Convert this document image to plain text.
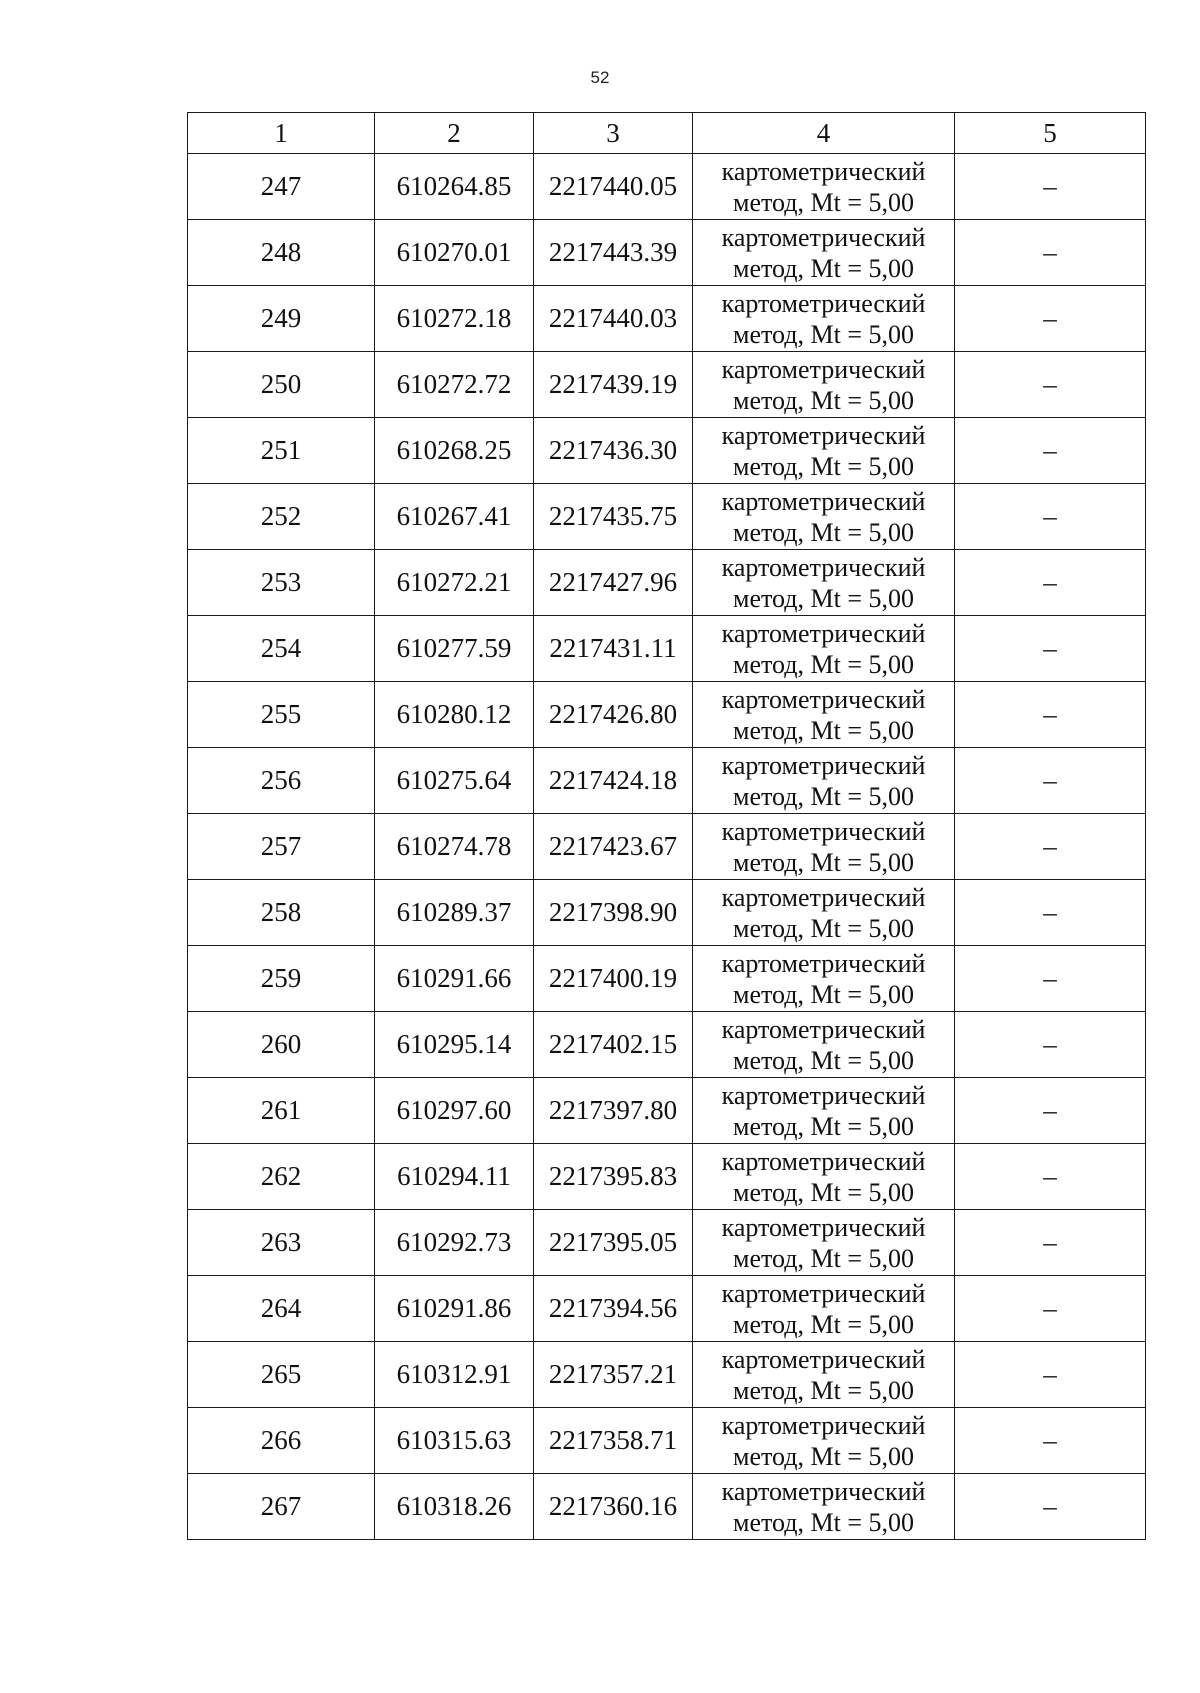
52
1	2	3	4	5
247	610264.85	2217440.05	картометрический
метод, Mt = 5,00	–
248	610270.01	2217443.39	картометрический
метод, Mt = 5,00	–
249	610272.18	2217440.03	картометрический
метод, Mt = 5,00	–
250	610272.72	2217439.19	картометрический
метод, Mt = 5,00	–
251	610268.25	2217436.30	картометрический
метод, Mt = 5,00	–
252	610267.41	2217435.75	картометрический
метод, Mt = 5,00	–
253	610272.21	2217427.96	картометрический
метод, Mt = 5,00	–
254	610277.59	2217431.11	картометрический
метод, Mt = 5,00	–
255	610280.12	2217426.80	картометрический
метод, Mt = 5,00	–
256	610275.64	2217424.18	картометрический
метод, Mt = 5,00	–
257	610274.78	2217423.67	картометрический
метод, Mt = 5,00	–
258	610289.37	2217398.90	картометрический
метод, Mt = 5,00	–
259	610291.66	2217400.19	картометрический
метод, Mt = 5,00	–
260	610295.14	2217402.15	картометрический
метод, Mt = 5,00	–
261	610297.60	2217397.80	картометрический
метод, Mt = 5,00	–
262	610294.11	2217395.83	картометрический
метод, Mt = 5,00	–
263	610292.73	2217395.05	картометрический
метод, Mt = 5,00	–
264	610291.86	2217394.56	картометрический
метод, Mt = 5,00	–
265	610312.91	2217357.21	картометрический
метод, Mt = 5,00	–
266	610315.63	2217358.71	картометрический
метод, Mt = 5,00	–
267	610318.26	2217360.16	картометрический
метод, Mt = 5,00	–
